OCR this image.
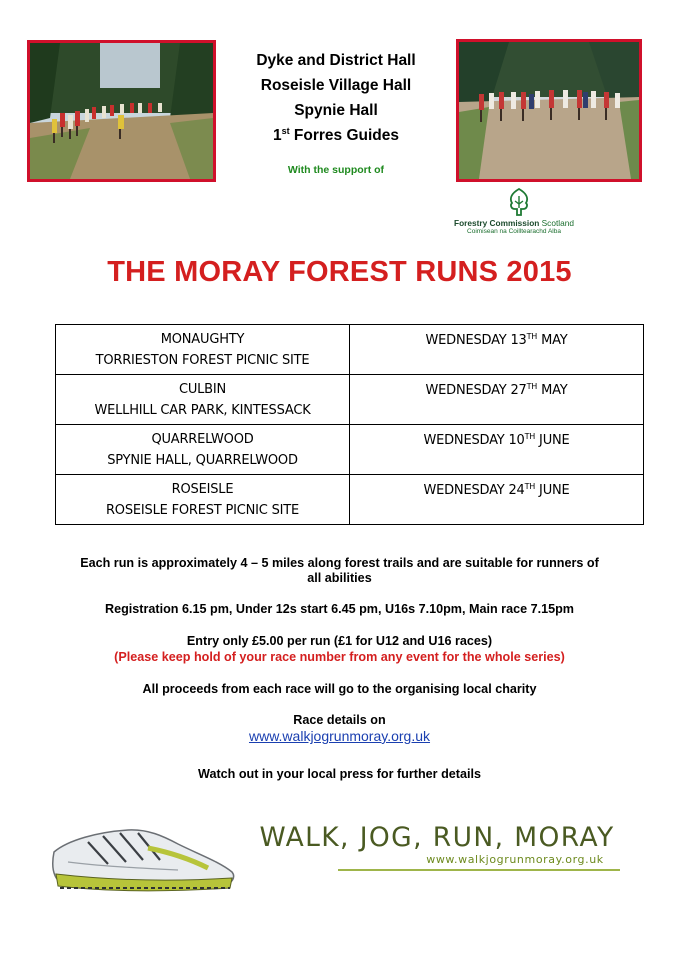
Dyke and District Hall

Roseisle Village Hall

Spynie Hall

1st Forres Guides

With the support of
Forestry Commission Scotland
Coimisean na Coilltearachd Alba
THE MORAY FOREST RUNS 2015
MONAUGHTY
TORRIESTON FOREST PICNIC SITE	WEDNESDAY 13TH MAY

CULBIN
WELLHILL CAR PARK, KINTESSACK	WEDNESDAY 27TH MAY

QUARRELWOOD
SPYNIE HALL, QUARRELWOOD	WEDNESDAY 10TH JUNE

ROSEISLE
ROSEISLE FOREST PICNIC SITE	WEDNESDAY 24TH JUNE
Each run is approximately 4 – 5 miles along forest trails and are suitable for runners of
all abilities
Registration 6.15 pm, Under 12s start 6.45 pm, U16s 7.10pm, Main race 7.15pm
Entry only £5.00 per run (£1 for U12 and U16 races)
(Please keep hold of your race number from any event for the whole series)
All proceeds from each race will go to the organising local charity
Race details on
www.walkjogrunmoray.org.uk
Watch out in your local press for further details
WALK, JOG, RUN, MORAY
www.walkjogrunmoray.org.uk
